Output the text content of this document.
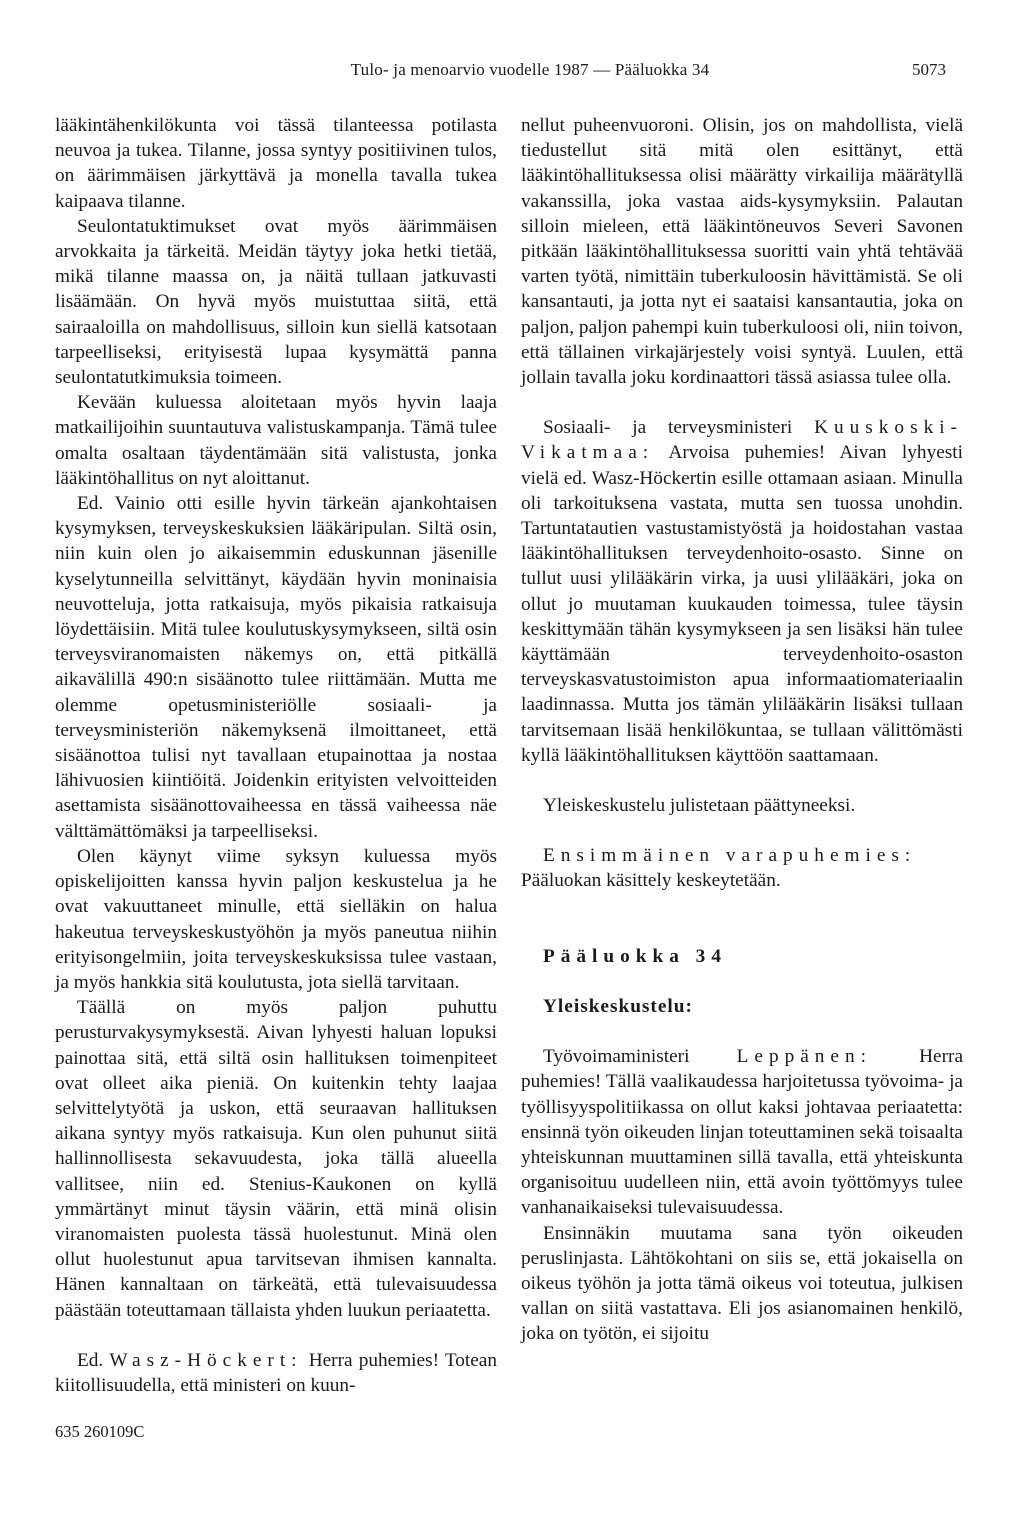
Tulo- ja menoarvio vuodelle 1987 — Pääluokka 34	5073

lääkintähenkilökunta voi tässä tilanteessa potilasta neuvoa ja tukea. Tilanne, jossa syntyy positiivinen tulos, on äärimmäisen järkyttävä ja monella tavalla tukea kaipaava tilanne.

Seulontatuktimukset ovat myös äärimmäisen arvokkaita ja tärkeitä. Meidän täytyy joka hetki tietää, mikä tilanne maassa on, ja näitä tullaan jatkuvasti lisäämään. On hyvä myös muistuttaa siitä, että sairaaloilla on mahdollisuus, silloin kun siellä katsotaan tarpeelliseksi, erityisestä lupaa kysymättä panna seulontatutkimuksia toimeen.

Kevään kuluessa aloitetaan myös hyvin laaja matkailijoihin suuntautuva valistuskampanja. Tämä tulee omalta osaltaan täydentämään sitä valistusta, jonka lääkintöhallitus on nyt aloittanut.

Ed. Vainio otti esille hyvin tärkeän ajankohtaisen kysymyksen, terveyskeskuksien lääkäripulan. Siltä osin, niin kuin olen jo aikaisemmin eduskunnan jäsenille kyselytunneilla selvittänyt, käydään hyvin moninaisia neuvotteluja, jotta ratkaisuja, myös pikaisia ratkaisuja löydettäisiin. Mitä tulee koulutuskysymykseen, siltä osin terveysviranomaisten näkemys on, että pitkällä aikavälillä 490:n sisäänotto tulee riittämään. Mutta me olemme opetusministeriölle sosiaali- ja terveysministeriön näkemyksenä ilmoittaneet, että sisäänottoa tulisi nyt tavallaan etupainottaa ja nostaa lähivuosien kiintiöitä. Joidenkin erityisten velvoitteiden asettamista sisäänottovaiheessa en tässä vaiheessa näe välttämättömäksi ja tarpeelliseksi.

Olen käynyt viime syksyn kuluessa myös opiskelijoitten kanssa hyvin paljon keskustelua ja he ovat vakuuttaneet minulle, että sielläkin on halua hakeutua terveyskeskustyöhön ja myös paneutua niihin erityisongelmiin, joita terveyskeskuksissa tulee vastaan, ja myös hankkia sitä koulutusta, jota siellä tarvitaan.

Täällä on myös paljon puhuttu perusturvakysymyksestä. Aivan lyhyesti haluan lopuksi painottaa sitä, että siltä osin hallituksen toimenpiteet ovat olleet aika pieniä. On kuitenkin tehty laajaa selvittelytyötä ja uskon, että seuraavan hallituksen aikana syntyy myös ratkaisuja. Kun olen puhunut siitä hallinnollisesta sekavuudesta, joka tällä alueella vallitsee, niin ed. Stenius-Kaukonen on kyllä ymmärtänyt minut täysin väärin, että minä olisin viranomaisten puolesta tässä huolestunut. Minä olen ollut huolestunut apua tarvitsevan ihmisen kannalta. Hänen kannaltaan on tärkeätä, että tulevaisuudessa päästään toteuttamaan tällaista yhden luukun periaatetta.

Ed. Wasz-Höckert: Herra puhemies! Totean kiitollisuudella, että ministeri on kuun-

nellut puheenvuoroni. Olisin, jos on mahdollista, vielä tiedustellut sitä mitä olen esittänyt, että lääkintöhallituksessa olisi määrätty virkailija määrätyllä vakanssilla, joka vastaa aids-kysymyksiin. Palautan silloin mieleen, että lääkintöneuvos Severi Savonen pitkään lääkintöhallituksessa suoritti vain yhtä tehtävää varten työtä, nimittäin tuberkuloosin hävittämistä. Se oli kansantauti, ja jotta nyt ei saataisi kansantautia, joka on paljon, paljon pahempi kuin tuberkuloosi oli, niin toivon, että tällainen virkajärjestely voisi syntyä. Luulen, että jollain tavalla joku kordinaattori tässä asiassa tulee olla.

Sosiaali- ja terveysministeri Kuuskoski-Vikatmaa: Arvoisa puhemies! Aivan lyhyesti vielä ed. Wasz-Höckertin esille ottamaan asiaan. Minulla oli tarkoituksena vastata, mutta sen tuossa unohdin. Tartuntatautien vastustamistyöstä ja hoidostahan vastaa lääkintöhallituksen terveydenhoito-osasto. Sinne on tullut uusi ylilääkärin virka, ja uusi ylilääkäri, joka on ollut jo muutaman kuukauden toimessa, tulee täysin keskittymään tähän kysymykseen ja sen lisäksi hän tulee käyttämään terveydenhoito-osaston terveyskasvatustoimiston apua informaatiomateriaalin laadinnassa. Mutta jos tämän ylilääkärin lisäksi tullaan tarvitsemaan lisää henkilökuntaa, se tullaan välittömästi kyllä lääkintöhallituksen käyttöön saattamaan.

Yleiskeskustelu julistetaan päättyneeksi.

Ensimmäinen varapuhemies:
Pääluokan käsittely keskeytetään.

Pääluokka 34

Yleiskeskustelu:

Työvoimaministeri Leppänen: Herra puhemies! Tällä vaalikaudessa harjoitetussa työvoima- ja työllisyyspolitiikassa on ollut kaksi johtavaa periaatetta: ensinnä työn oikeuden linjan toteuttaminen sekä toisaalta yhteiskunnan muuttaminen sillä tavalla, että yhteiskunta organisoituu uudelleen niin, että avoin työttömyys tulee vanhanaikaiseksi tulevaisuudessa.

Ensinnäkin muutama sana työn oikeuden peruslinjasta. Lähtökohtani on siis se, että jokaisella on oikeus työhön ja jotta tämä oikeus voi toteutua, julkisen vallan on siitä vastattava. Eli jos asianomainen henkilö, joka on työtön, ei sijoitu

635 260109C
